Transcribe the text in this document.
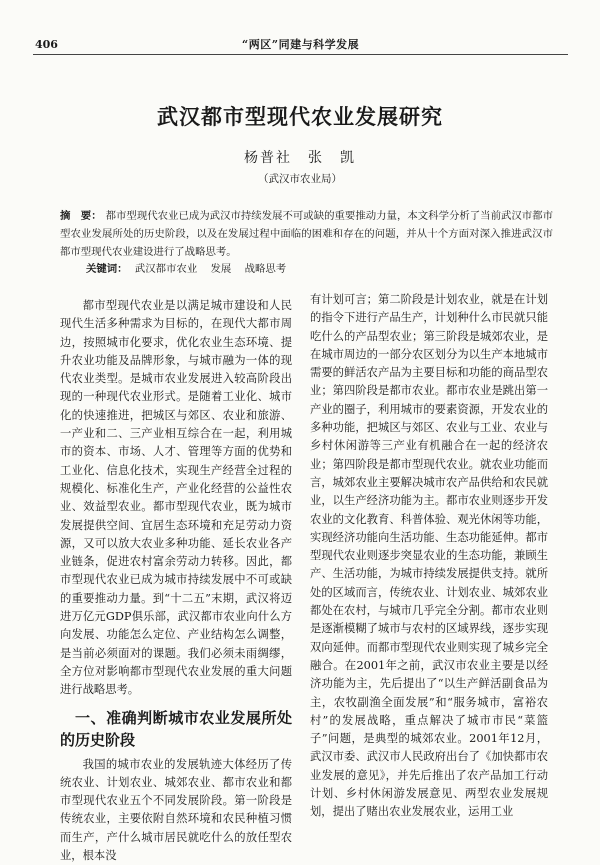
406	“两区”同建与科学发展
武汉都市型现代农业发展研究
杨普社　张　凯
（武汉市农业局）
摘　要： 都市型现代农业已成为武汉市持续发展不可或缺的重要推动力量，本文科学分析了当前武汉市都市型农业发展所处的历史阶段，以及在发展过程中面临的困难和存在的问题，并从十个方面对深入推进武汉市都市型现代农业建设进行了战略思考。
关键词： 武汉都市农业 发展 战略思考

都市型现代农业是以满足城市建设和人民现代生活多种需求为目标的，在现代大都市周边，按照城市化要求，优化农业生态环境、提升农业功能及品牌形象，与城市融为一体的现代农业类型。是城市农业发展进入较高阶段出现的一种现代农业形式。是随着工业化、城市化的快速推进，把城区与郊区、农业和旅游、一产业和二、三产业相互综合在一起，利用城市的资本、市场、人才、管理等方面的优势和工业化、信息化技术，实现生产经营全过程的规模化、标准化生产，产业化经营的公益性农业、效益型农业。都市型现代农业，既为城市发展提供空间、宜居生态环境和充足劳动力资源，又可以放大农业多种功能、延长农业各产业链条，促进农村富余劳动力转移。因此，都市型现代农业已成为城市持续发展中不可或缺的重要推动力量。到“十二五”末期，武汉将迈进万亿元GDP俱乐部，武汉都市农业向什么方向发展、功能怎么定位、产业结构怎么调整，是当前必须面对的课题。我们必须未雨绸缪，全方位对影响都市型现代农业发展的重大问题进行战略思考。

一、准确判断城市农业发展所处的历史阶段

我国的城市农业的发展轨迹大体经历了传统农业、计划农业、城郊农业、都市农业和都市型现代农业五个不同发展阶段。第一阶段是传统农业，主要依附自然环境和农民种植习惯而生产，产什么城市居民就吃什么的放任型农业，根本没

有计划可言；第二阶段是计划农业，就是在计划的指令下进行产品生产，计划种什么市民就只能吃什么的产品型农业；第三阶段是城郊农业，是在城市周边的一部分农区划分为以生产本地城市需要的鲜活农产品为主要目标和功能的商品型农业；第四阶段是都市农业。都市农业是跳出第一产业的圈子，利用城市的要素资源，开发农业的多种功能，把城区与郊区、农业与工业、农业与乡村休闲游等三产业有机融合在一起的经济农业；第四阶段是都市型现代农业。就农业功能而言，城郊农业主要解决城市农产品供给和农民就业，以生产经济功能为主。都市农业则逐步开发农业的文化教育、科普体验、观光休闲等功能，实现经济功能向生活功能、生态功能延伸。都市型现代农业则逐步突显农业的生态功能，兼顾生产、生活功能，为城市持续发展提供支持。就所处的区域而言，传统农业、计划农业、城郊农业都处在农村，与城市几乎完全分割。都市农业则是逐渐模糊了城市与农村的区域界线，逐步实现双向延伸。而都市型现代农业则实现了城乡完全融合。在2001年之前，武汉市农业主要是以经济功能为主，先后提出了“以生产鲜活副食品为主，农牧副渔全面发展”和“服务城市，富裕农村”的发展战略，重点解决了城市市民“菜篮子”问题，是典型的城郊农业。2001年12月，武汉市委、武汉市人民政府出台了《加快都市农业发展的意见》，并先后推出了农产品加工行动计划、乡村休闲游发展意见、两型农业发展规划，提出了赌出农业发展农业，运用工业
